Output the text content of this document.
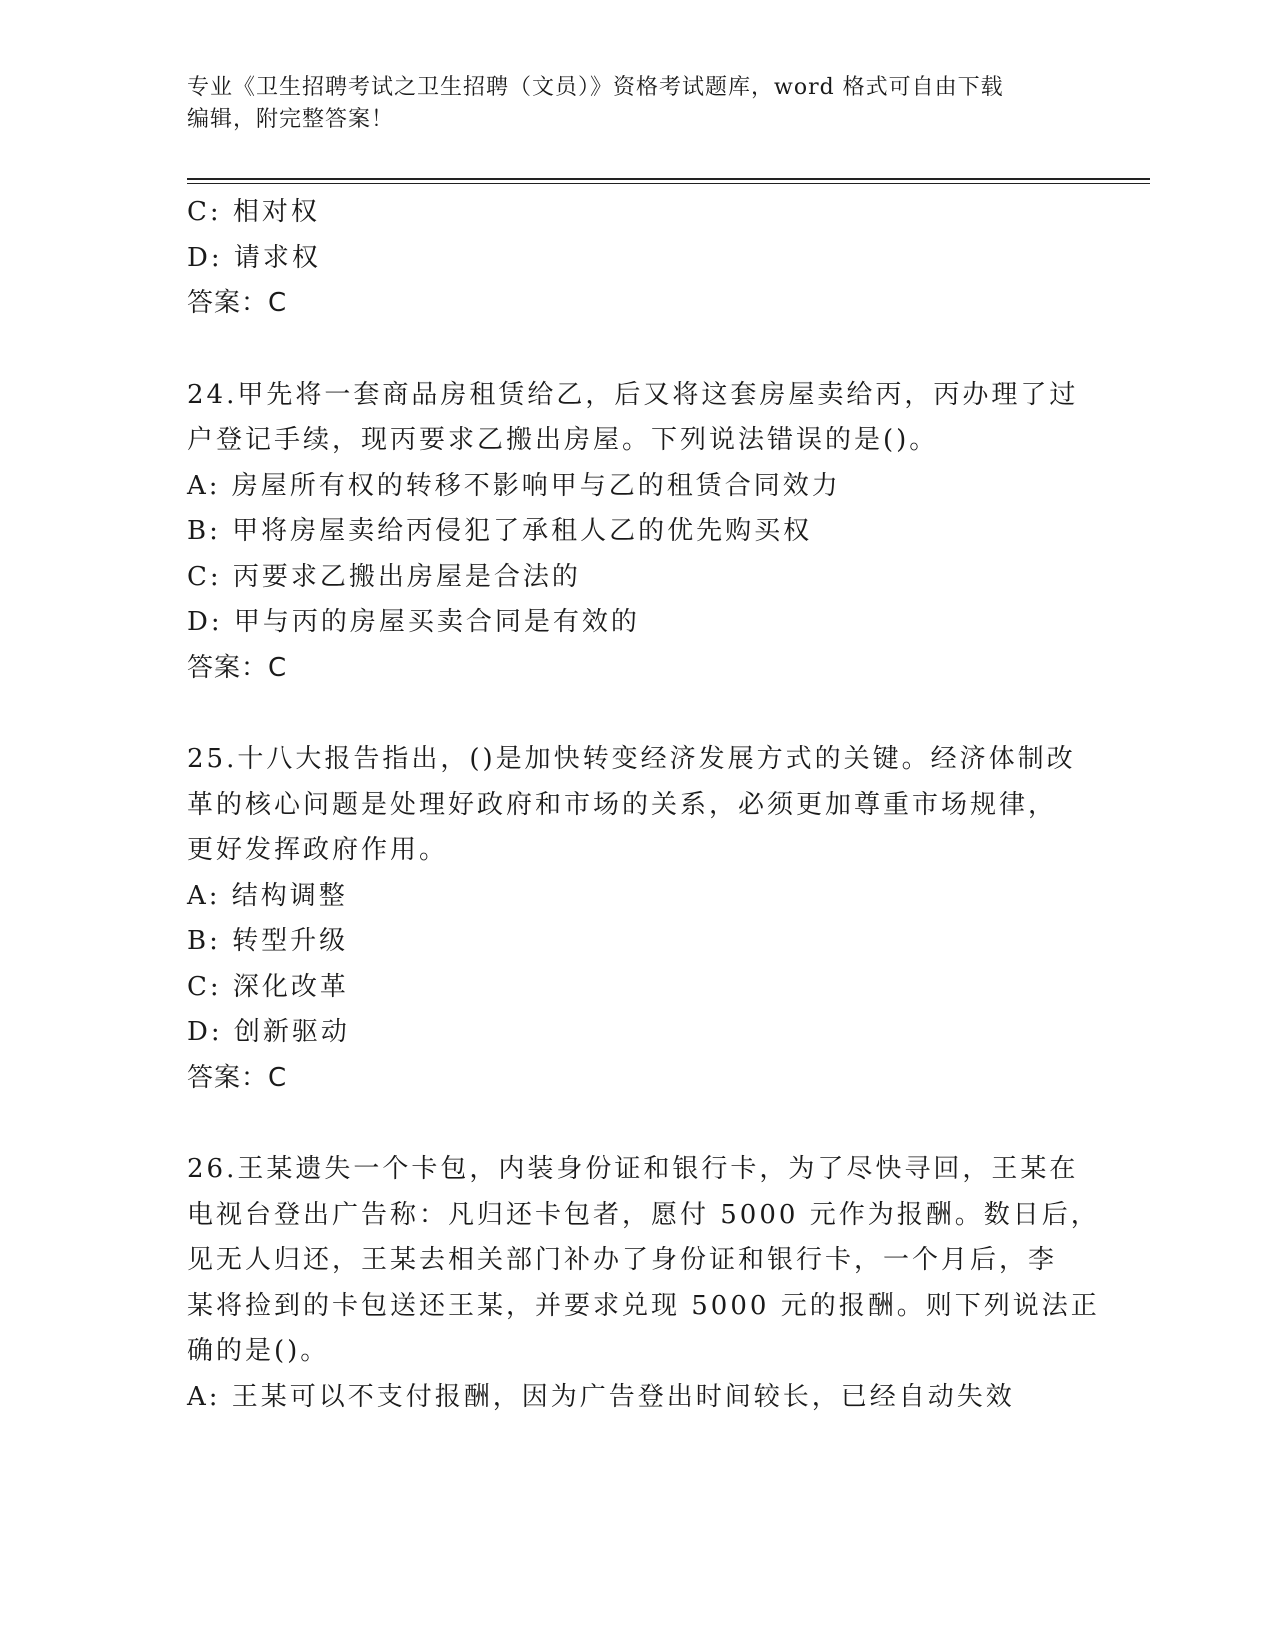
专业《卫生招聘考试之卫生招聘（文员）》资格考试题库，word 格式可自由下载
编辑，附完整答案！
C: 相对权
D: 请求权
答案：C
24.甲先将一套商品房租赁给乙，后又将这套房屋卖给丙，丙办理了过
户登记手续，现丙要求乙搬出房屋。下列说法错误的是()。
A: 房屋所有权的转移不影响甲与乙的租赁合同效力
B: 甲将房屋卖给丙侵犯了承租人乙的优先购买权
C: 丙要求乙搬出房屋是合法的
D: 甲与丙的房屋买卖合同是有效的
答案：C
25.十八大报告指出，()是加快转变经济发展方式的关键。经济体制改
革的核心问题是处理好政府和市场的关系，必须更加尊重市场规律，
更好发挥政府作用。
A: 结构调整
B: 转型升级
C: 深化改革
D: 创新驱动
答案：C
26.王某遗失一个卡包，内装身份证和银行卡，为了尽快寻回，王某在
电视台登出广告称：凡归还卡包者，愿付 5000 元作为报酬。数日后，
见无人归还，王某去相关部门补办了身份证和银行卡，一个月后，李
某将捡到的卡包送还王某，并要求兑现 5000 元的报酬。则下列说法正
确的是()。
A: 王某可以不支付报酬，因为广告登出时间较长，已经自动失效
